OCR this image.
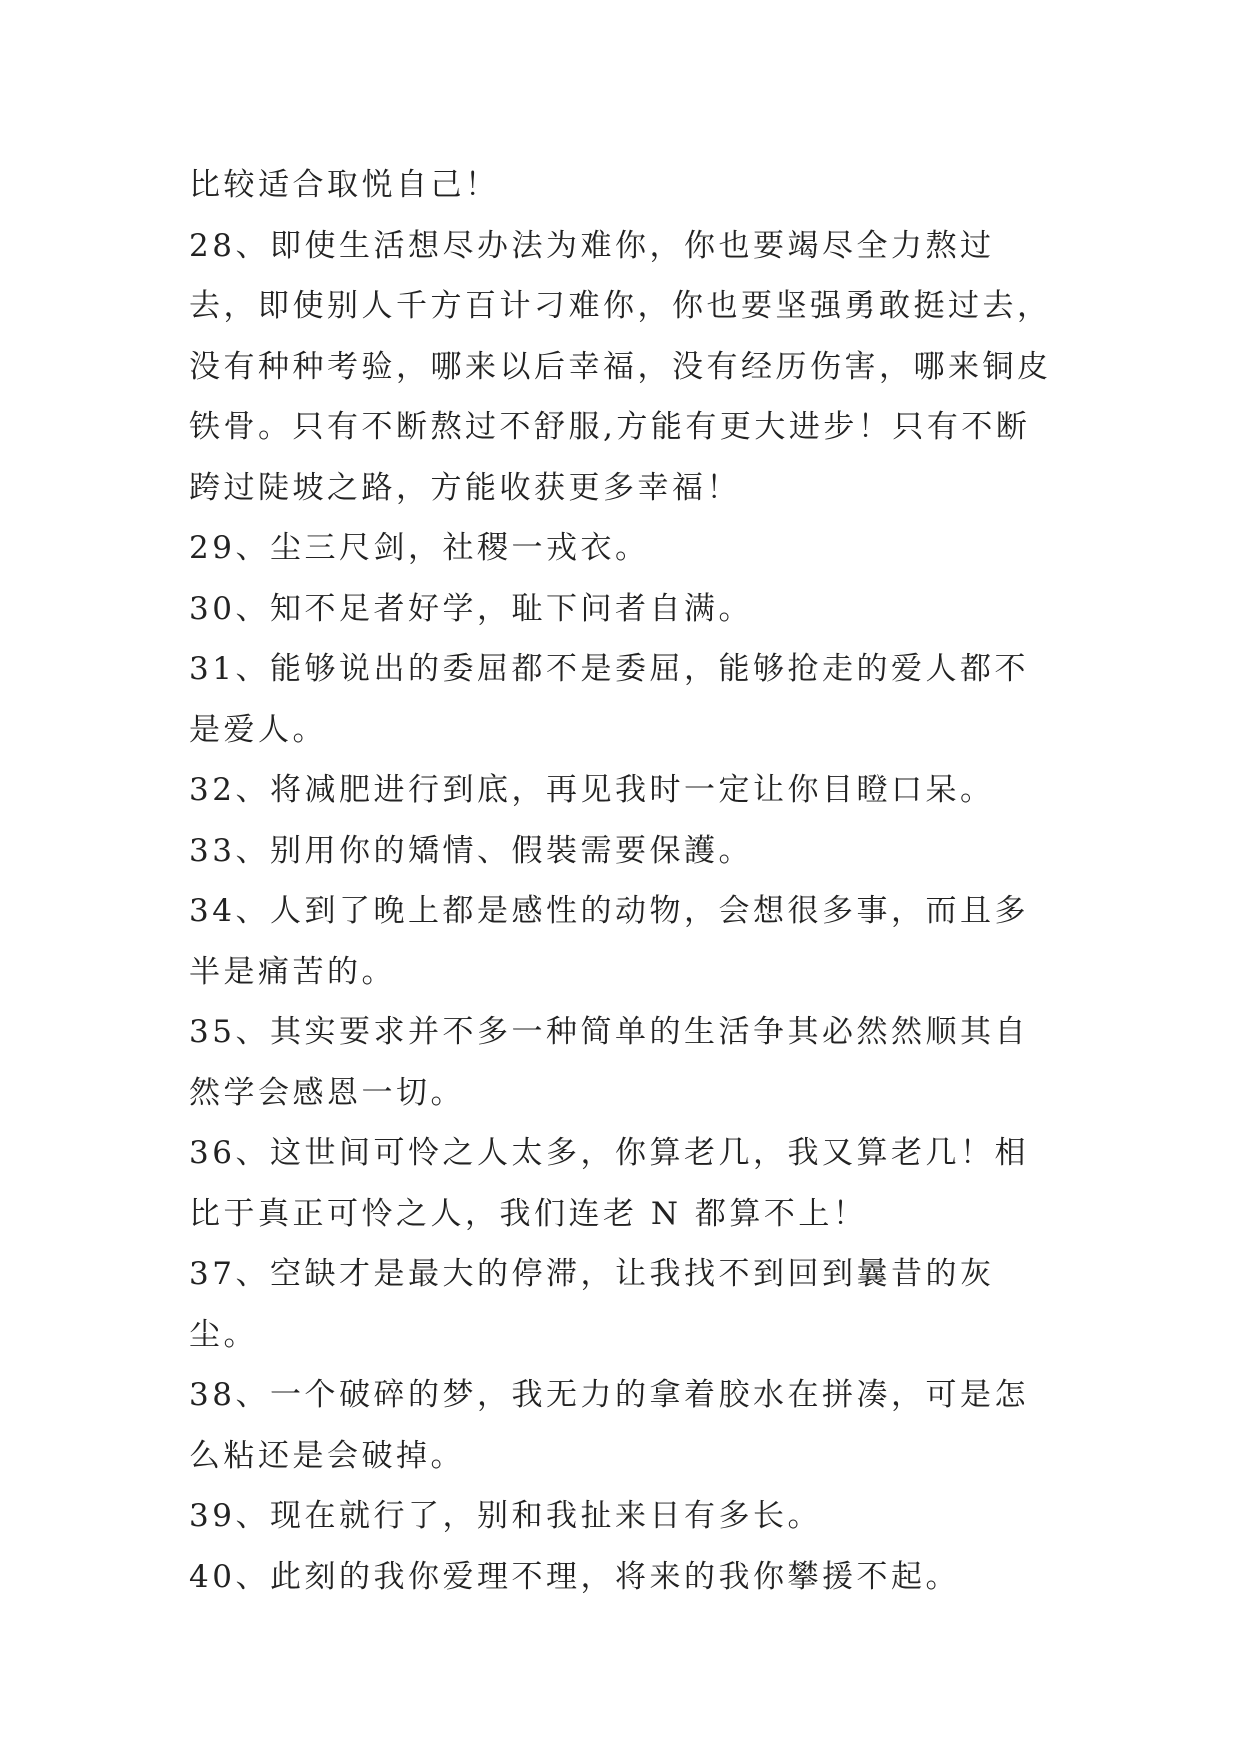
比较适合取悦自己！

28、即使生活想尽办法为难你，你也要竭尽全力熬过去，即使别人千方百计刁难你，你也要坚强勇敢挺过去，没有种种考验，哪来以后幸福，没有经历伤害，哪来铜皮铁骨。只有不断熬过不舒服,方能有更大进步！只有不断跨过陡坡之路，方能收获更多幸福！

29、尘三尺剑，社稷一戎衣。

30、知不足者好学，耻下问者自满。

31、能够说出的委屈都不是委屈，能够抢走的爱人都不是爱人。

32、将减肥进行到底，再见我时一定让你目瞪口呆。

33、别用你的矯情、假裝需要保護。

34、人到了晚上都是感性的动物，会想很多事，而且多半是痛苦的。

35、其实要求并不多一种简单的生活争其必然然顺其自然学会感恩一切。

36、这世间可怜之人太多，你算老几，我又算老几！相比于真正可怜之人，我们连老 N 都算不上！

37、空缺才是最大的停滞，让我找不到回到曩昔的灰尘。

38、一个破碎的梦，我无力的拿着胶水在拼凑，可是怎么粘还是会破掉。

39、现在就行了，别和我扯来日有多长。

40、此刻的我你爱理不理，将来的我你攀援不起。
